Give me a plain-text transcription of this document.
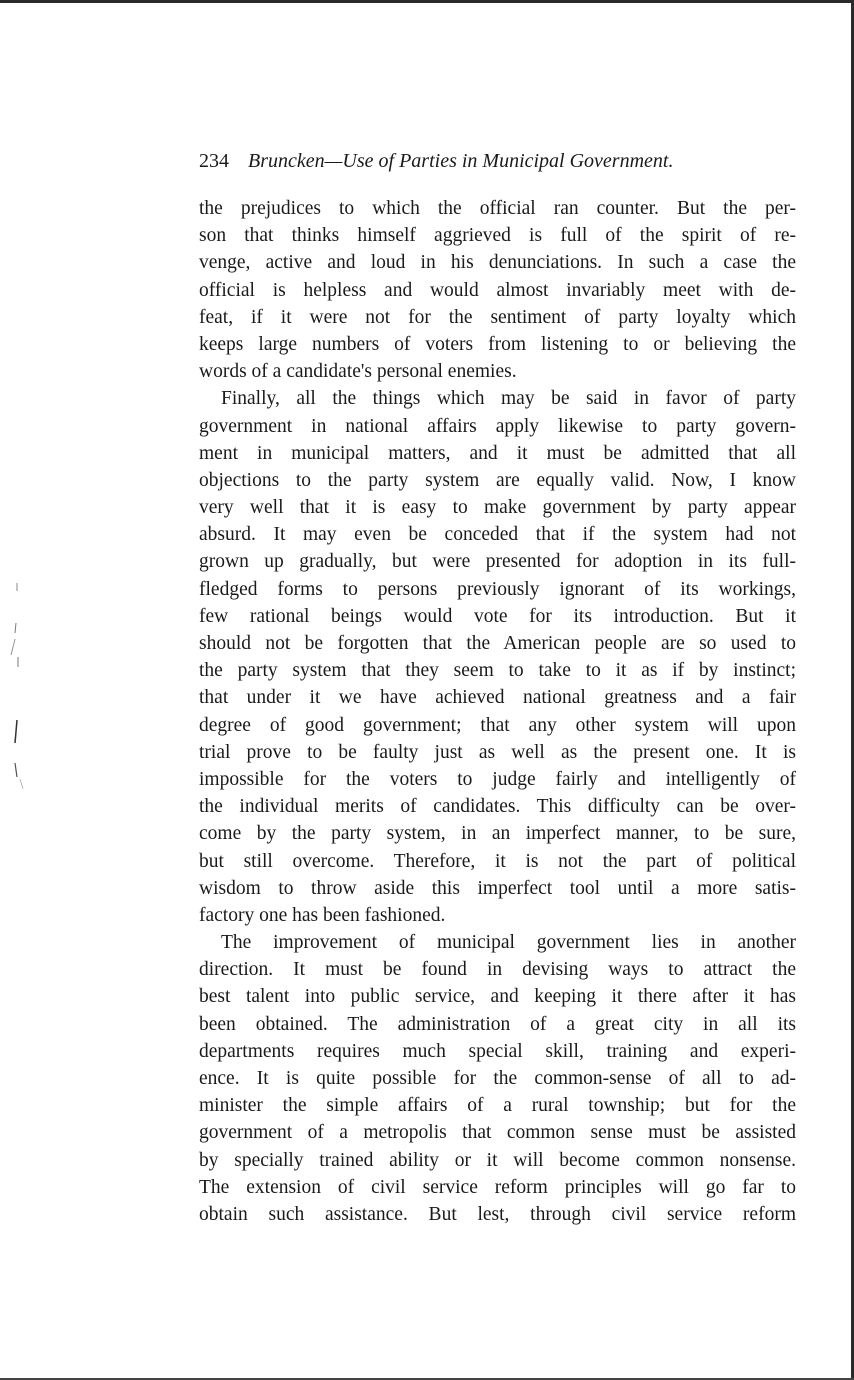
234 Bruncken—Use of Parties in Municipal Government.
the prejudices to which the official ran counter. But the per-
son that thinks himself aggrieved is full of the spirit of re-
venge, active and loud in his denunciations. In such a case the
official is helpless and would almost invariably meet with de-
feat, if it were not for the sentiment of party loyalty which
keeps large numbers of voters from listening to or believing the
words of a candidate's personal enemies.
Finally, all the things which may be said in favor of party
government in national affairs apply likewise to party govern-
ment in municipal matters, and it must be admitted that all
objections to the party system are equally valid. Now, I know
very well that it is easy to make government by party appear
absurd. It may even be conceded that if the system had not
grown up gradually, but were presented for adoption in its full-
fledged forms to persons previously ignorant of its workings,
few rational beings would vote for its introduction. But it
should not be forgotten that the American people are so used to
the party system that they seem to take to it as if by instinct;
that under it we have achieved national greatness and a fair
degree of good government; that any other system will upon
trial prove to be faulty just as well as the present one. It is
impossible for the voters to judge fairly and intelligently of
the individual merits of candidates. This difficulty can be over-
come by the party system, in an imperfect manner, to be sure,
but still overcome. Therefore, it is not the part of political
wisdom to throw aside this imperfect tool until a more satis-
factory one has been fashioned.
The improvement of municipal government lies in another
direction. It must be found in devising ways to attract the
best talent into public service, and keeping it there after it has
been obtained. The administration of a great city in all its
departments requires much special skill, training and experi-
ence. It is quite possible for the common-sense of all to ad-
minister the simple affairs of a rural township; but for the
government of a metropolis that common sense must be assisted
by specially trained ability or it will become common nonsense.
The extension of civil service reform principles will go far to
obtain such assistance. But lest, through civil service reform
